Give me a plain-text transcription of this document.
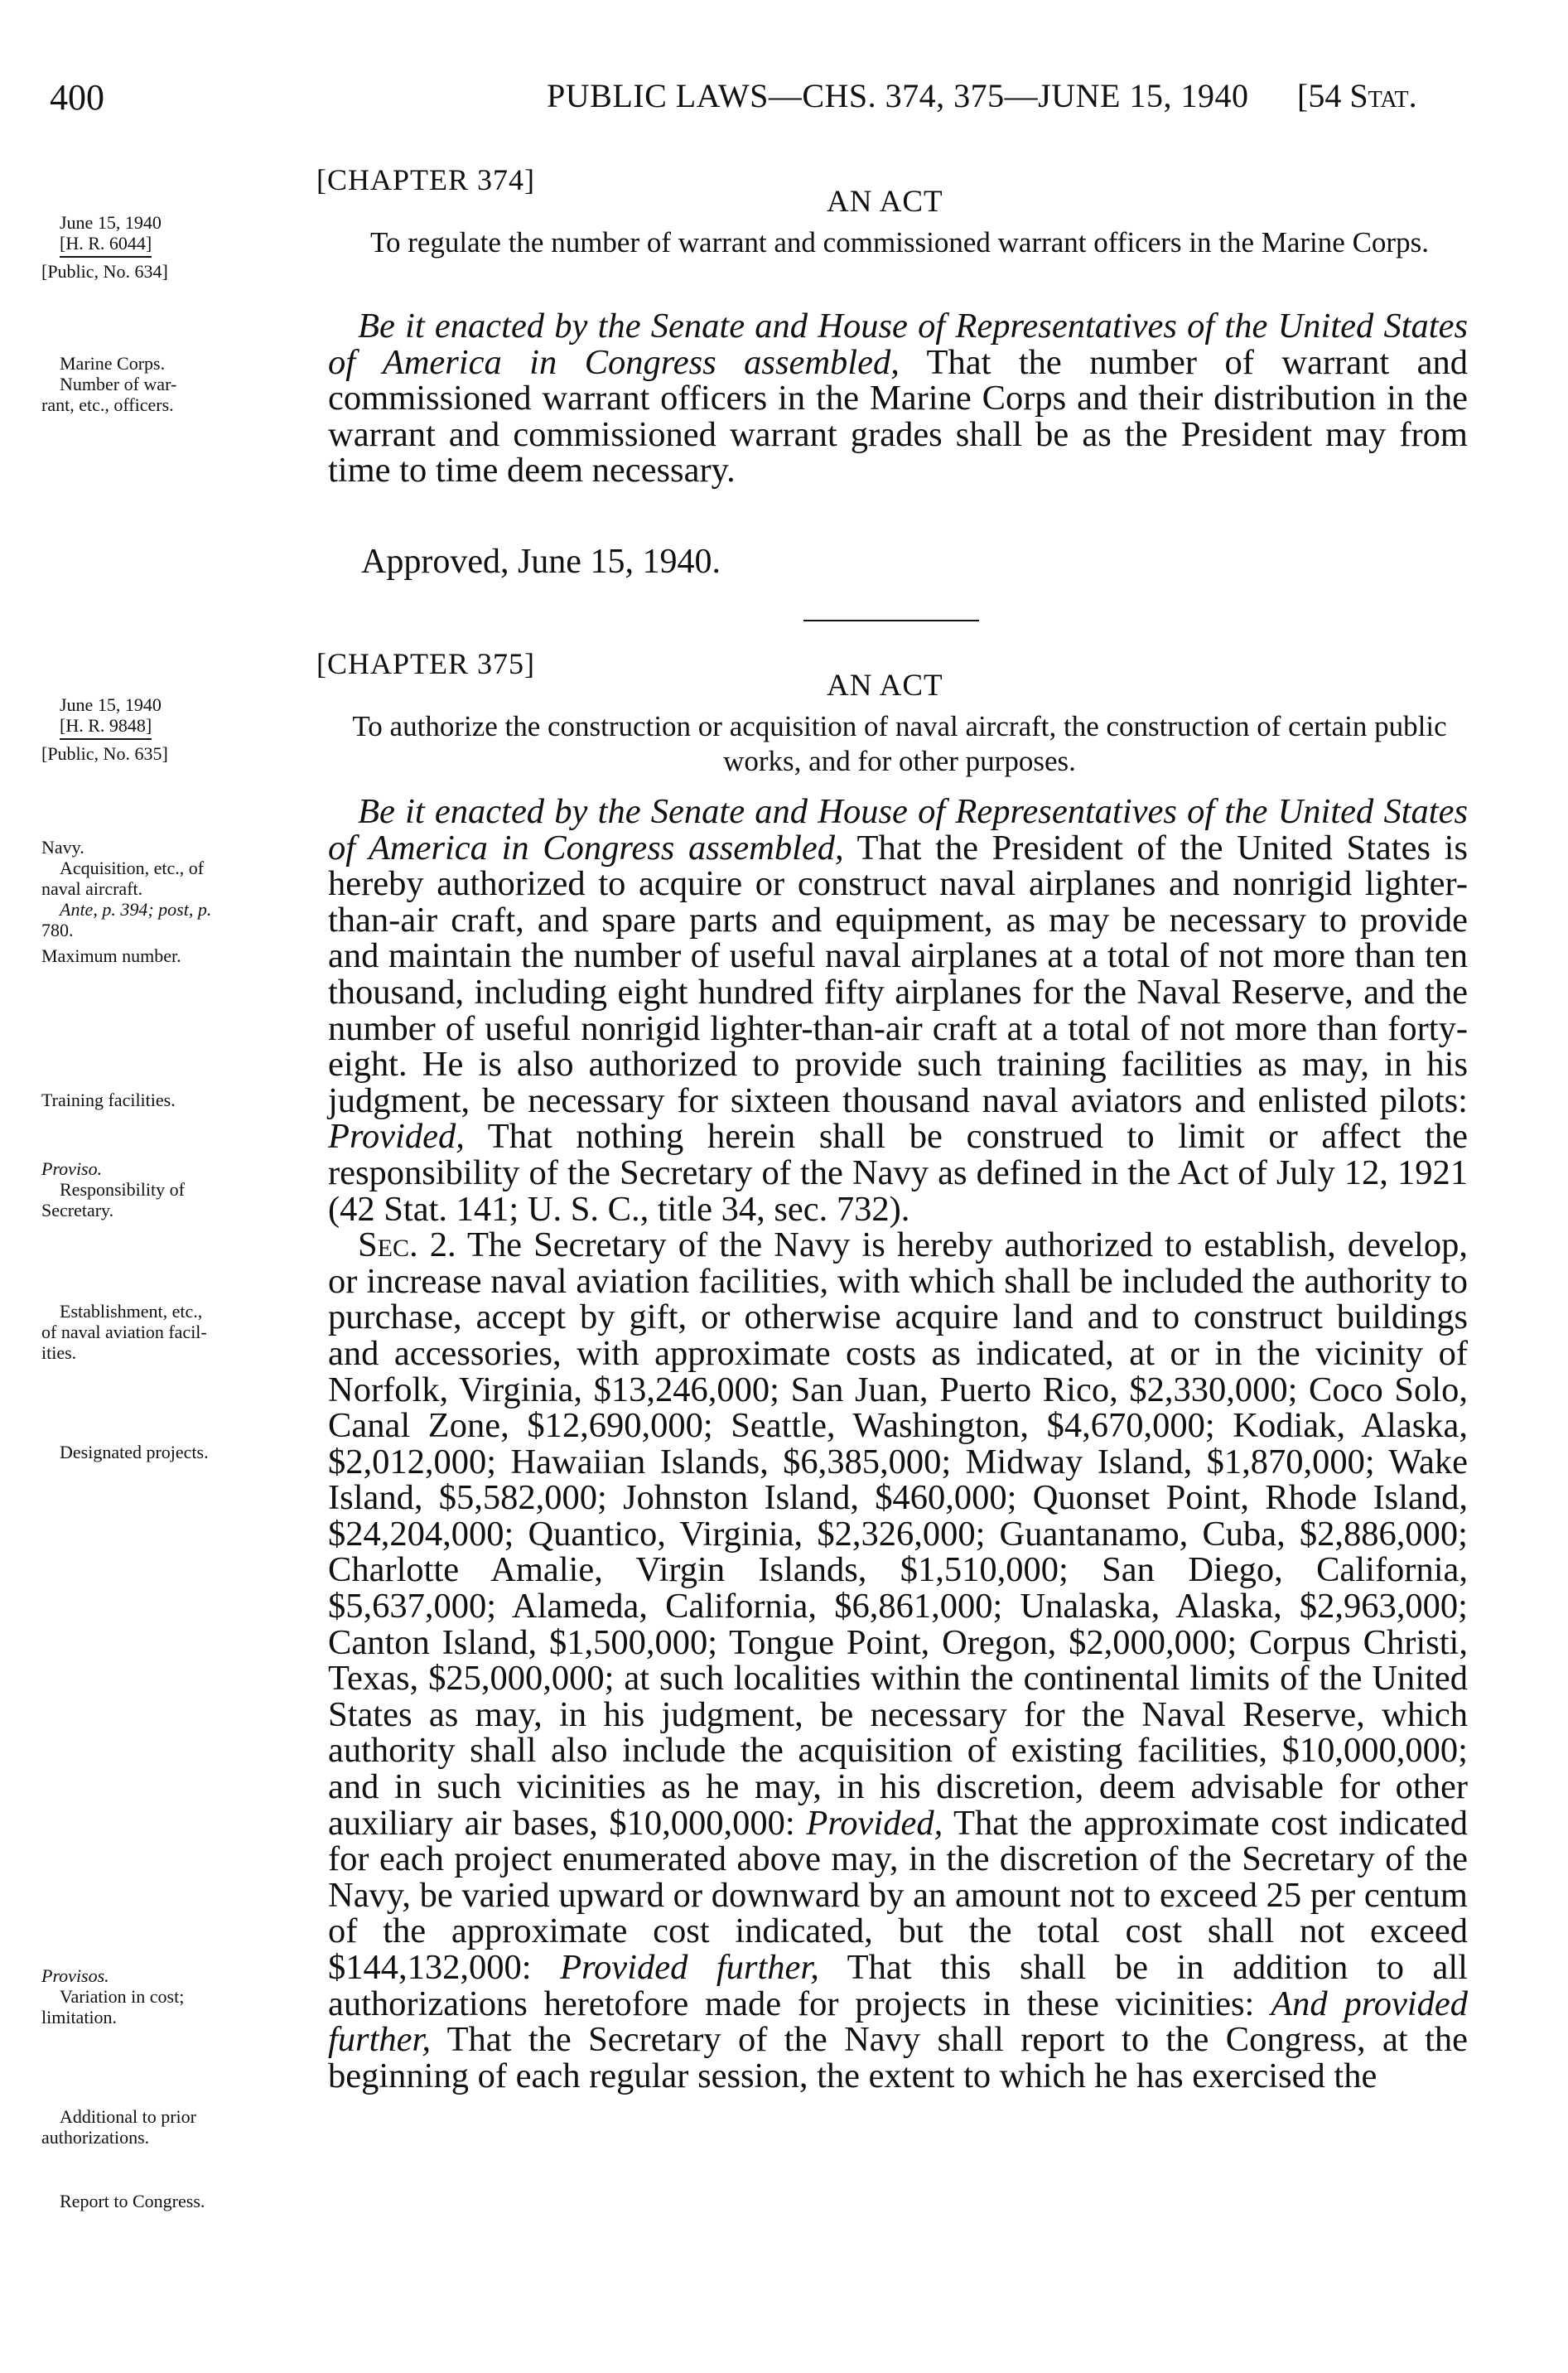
400	PUBLIC LAWS—CHS. 374, 375—JUNE 15, 1940 [54 Stat.
[CHAPTER 374]
AN ACT
To regulate the number of warrant and commissioned warrant officers in the Marine Corps.
June 15, 1940
[H. R. 6044]
[Public, No. 634]
Marine Corps.
Number of war-
rant, etc., officers.

Be it enacted by the Senate and House of Representatives of the United States of America in Congress assembled, That the number of warrant and commissioned warrant officers in the Marine Corps and their distribution in the warrant and commissioned warrant grades shall be as the President may from time to time deem necessary.

Approved, June 15, 1940.
[CHAPTER 375]
AN ACT
To authorize the construction or acquisition of naval aircraft, the construction of certain public works, and for other purposes.
June 15, 1940
[H. R. 9848]
[Public, No. 635]
Navy.
Acquisition, etc., of
naval aircraft.
Ante, p. 394; post, p.
780.
Maximum number.
Training facilities.
Proviso.
Responsibility of
Secretary.
Establishment, etc.,
of naval aviation facil-
ities.
Designated projects.
Provisos.
Variation in cost;
limitation.
Additional to prior
authorizations.
Report to Congress.

Be it enacted by the Senate and House of Representatives of the United States of America in Congress assembled, That the President of the United States is hereby authorized to acquire or construct naval airplanes and nonrigid lighter-than-air craft, and spare parts and equipment, as may be necessary to provide and maintain the number of useful naval airplanes at a total of not more than ten thousand, including eight hundred fifty airplanes for the Naval Reserve, and the number of useful nonrigid lighter-than-air craft at a total of not more than forty-eight. He is also authorized to provide such training facilities as may, in his judgment, be necessary for sixteen thousand naval aviators and enlisted pilots: Provided, That nothing herein shall be construed to limit or affect the responsibility of the Secretary of the Navy as defined in the Act of July 12, 1921 (42 Stat. 141; U. S. C., title 34, sec. 732).

Sec. 2. The Secretary of the Navy is hereby authorized to establish, develop, or increase naval aviation facilities, with which shall be included the authority to purchase, accept by gift, or otherwise acquire land and to construct buildings and accessories, with approximate costs as indicated, at or in the vicinity of Norfolk, Virginia, $13,246,000; San Juan, Puerto Rico, $2,330,000; Coco Solo, Canal Zone, $12,690,000; Seattle, Washington, $4,670,000; Kodiak, Alaska, $2,012,000; Hawaiian Islands, $6,385,000; Midway Island, $1,870,000; Wake Island, $5,582,000; Johnston Island, $460,000; Quonset Point, Rhode Island, $24,204,000; Quantico, Virginia, $2,326,000; Guantanamo, Cuba, $2,886,000; Charlotte Amalie, Virgin Islands, $1,510,000; San Diego, California, $5,637,000; Alameda, California, $6,861,000; Unalaska, Alaska, $2,963,000; Canton Island, $1,500,000; Tongue Point, Oregon, $2,000,000; Corpus Christi, Texas, $25,000,000; at such localities within the continental limits of the United States as may, in his judgment, be necessary for the Naval Reserve, which authority shall also include the acquisition of existing facilities, $10,000,000; and in such vicinities as he may, in his discretion, deem advisable for other auxiliary air bases, $10,000,000: Provided, That the approximate cost indicated for each project enumerated above may, in the discretion of the Secretary of the Navy, be varied upward or downward by an amount not to exceed 25 per centum of the approximate cost indicated, but the total cost shall not exceed $144,132,000: Provided further, That this shall be in addition to all authorizations heretofore made for projects in these vicinities: And provided further, That the Secretary of the Navy shall report to the Congress, at the beginning of each regular session, the extent to which he has exercised the
